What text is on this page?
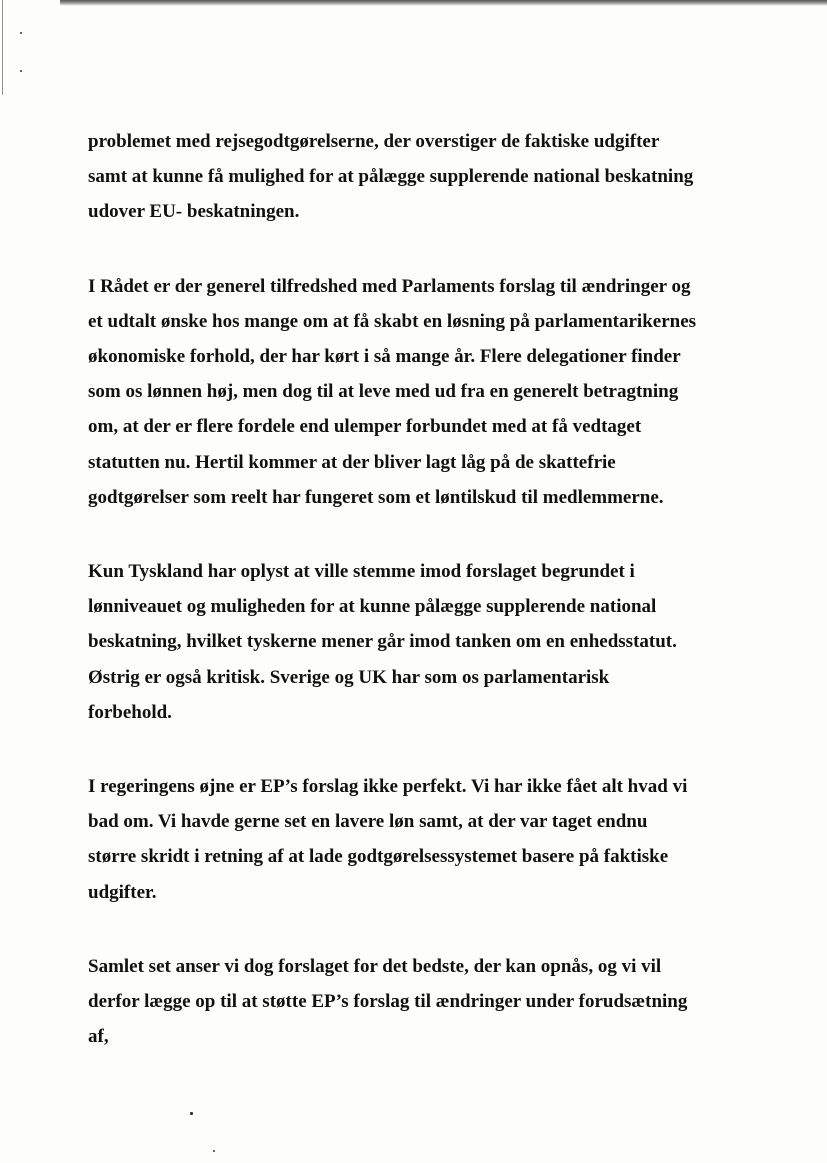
problemet med rejsegodtgørelserne, der overstiger de faktiske udgifter
samt at kunne få mulighed for at pålægge supplerende national beskatning
udover EU- beskatningen.

I Rådet er der generel tilfredshed med Parlaments forslag til ændringer og
et udtalt ønske hos mange om at få skabt en løsning på parlamentarikernes
økonomiske forhold, der har kørt i så mange år. Flere delegationer finder
som os lønnen høj, men dog til at leve med ud fra en generelt betragtning
om, at der er flere fordele end ulemper forbundet med at få vedtaget
statutten nu. Hertil kommer at der bliver lagt låg på de skattefrie
godtgørelser som reelt har fungeret som et løntilskud til medlemmerne.

Kun Tyskland har oplyst at ville stemme imod forslaget begrundet i
lønniveauet og muligheden for at kunne pålægge supplerende national
beskatning, hvilket tyskerne mener går imod tanken om en enhedsstatut.
Østrig er også kritisk. Sverige og UK har som os parlamentarisk
forbehold.

I regeringens øjne er EP’s forslag ikke perfekt. Vi har ikke fået alt hvad vi
bad om. Vi havde gerne set en lavere løn samt, at der var taget endnu
større skridt i retning af at lade godtgørelsessystemet basere på faktiske
udgifter.

Samlet set anser vi dog forslaget for det bedste, der kan opnås, og vi vil
derfor lægge op til at støtte EP’s forslag til ændringer under forudsætning
af,
